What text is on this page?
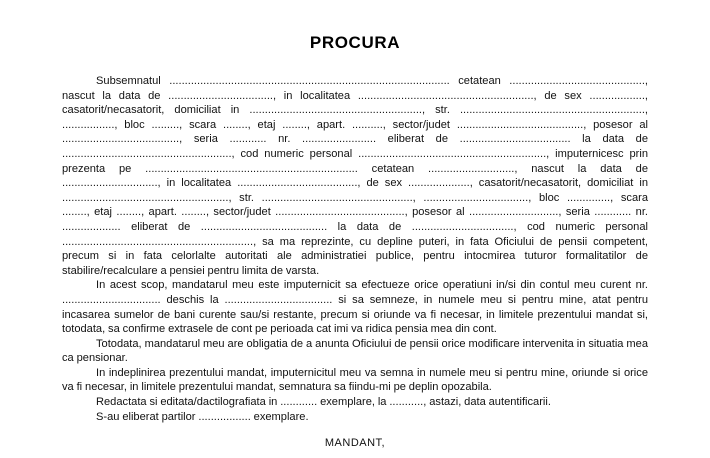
PROCURA

Subsemnatul ........................................................................................... cetatean ............................................, nascut la data de .................................., in localitatea ........................................................., de sex .................., casatorit/necasatorit, domiciliat in ........................................................, str. ............................................................, ................., bloc ........., scara ........, etaj ........, apart. .........., sector/judet ........................................., posesor al ......................................, seria ............ nr. ........................ eliberat de .................................... la data de ......................................................., cod numeric personal ............................................................., imputernicesc prin prezenta pe ..................................................................... cetatean ............................, nascut la data de ..............................., in localitatea ......................................., de sex ...................., casatorit/necasatorit, domiciliat in ......................................................, str. ................................................., .................................., bloc .............., scara ........, etaj ........, apart. ........, sector/judet .........................................., posesor al ............................., seria ............ nr. ................... eliberat de ......................................... la data de ................................., cod numeric personal .............................................................., sa ma reprezinte, cu depline puteri, in fata Oficiului de pensii competent, precum si in fata celorlalte autoritati ale administratiei publice, pentru intocmirea tuturor formalitatilor de stabilire/recalculare a pensiei pentru limita de varsta.

In acest scop, mandatarul meu este imputernicit sa efectueze orice operatiuni in/si din contul meu curent nr. ................................ deschis la ................................... si sa semneze, in numele meu si pentru mine, atat pentru incasarea sumelor de bani curente sau/si restante, precum si oriunde va fi necesar, in limitele prezentului mandat si, totodata, sa confirme extrasele de cont pe perioada cat imi va ridica pensia mea din cont.

Totodata, mandatarul meu are obligatia de a anunta Oficiului de pensii orice modificare intervenita in situatia mea ca pensionar.

In indeplinirea prezentului mandat, imputernicitul meu va semna in numele meu si pentru mine, oriunde si orice va fi necesar, in limitele prezentului mandat, semnatura sa fiindu-mi pe deplin opozabila.

Redactata si editata/dactilografiata in ............ exemplare, la ..........., astazi, data autentificarii.

S-au eliberat partilor ................. exemplare.

MANDANT,
